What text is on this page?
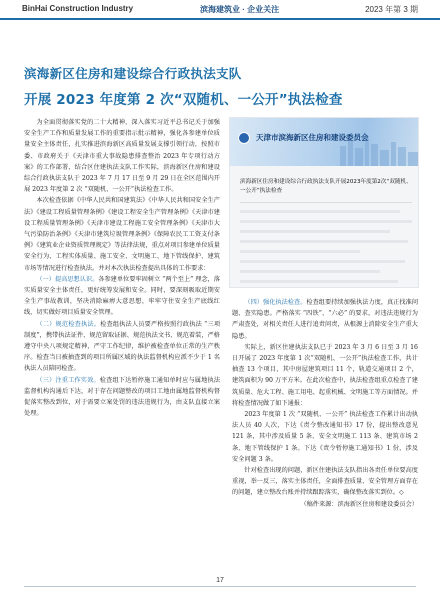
BinHai Construction Industry	滨海建筑业 · 企业关注	2023 年第 3 期
滨海新区住房和建设综合行政执法支队
开展 2023 年度第 2 次“双随机、一公开”执法检查

为全面贯彻落实党的二十大精神，深入落实习近平总书记关于加强安全生产工作和质量发展工作的重要指示批示精神，强化各参建单位质量安全主体责任，扎实推进滨海新区高质量发展支撑引领行动，按照市委、市政府关于《天津市重大事故隐患排查整治 2023 年专项行动方案》的工作部署，结合区住建执法支队工作实际，滨海新区住房和建设综合行政执法支队于 2023 年 7 月 17 日至 9 月 29 日在全区范围内开展 2023 年度第 2 次 “双随机、一公开”执法检查工作。

本次检查依据《中华人民共和国建筑法》《中华人民共和国安全生产法》《建设工程质量管理条例》《建设工程安全生产管理条例》《天津市建设工程质量管理条例》《天津市建设工程施工安全管理条例》《天津市大气污染防治条例》《天津市建筑垃圾管理条例》《保障农民工工资支付条例》《建筑业企业资质管理规定》等法律法规，重点对项目参建单位质量安全行为、工程实体质量、施工安全、文明施工、地下管线保护、建筑市场等情况进行检查执法。并对本次执法检查提出具体的工作要求：

（一）提高思想认识。各参建单位要牢固树立 “两个至上” 理念，落实质量安全主体责任，更好统筹发展和安全。同时，要深刻吸取近期安全生产事故教训，坚决消除麻痹大意思想，牢牢守住安全生产底线红线，切实做好项目质量安全管理。

（二）规范检查执法。检查组执法人员要严格按照行政执法 “三项制度”，携带执法证件、规范留取证据、规范执法文书、规范着装，严格遵守中央八项规定精神，严守工作纪律，维护被检查单位正常的生产秩序。检查当日被抽查到的项目所属区域的执法监督机构应派不少于 1 名执法人员陪同检查。

（三）注重工作实效。检查组下达暂停施工通知单时应与属地执法监督机构沟通后下达，对于存在问题整改的项目工地由属地监督机构督促落实整改到位，对于需要立案处罚的违法违规行为，由支队直接立案处理。

天津市滨海新区住房和建设委员会
滨海新区住房和建设综合行政执法支队开展2023年度第2次“双随机、一公开”执法检查

（四）强化执法检查。检查组要持续加强执法力度，真正找准问题、查实隐患。严格落实 “四铁”、“六必” 的要求，对违法违规行为严肃查处，对相关责任人进行追责问责，从根源上消除安全生产重大隐患。

实际上，新区住建执法支队已于 2023 年 3 月 6 日至 3 月 16 日开展了 2023 年度第 1 次“双随机、一公开”执法检查工作，共计抽查 13 个项目，其中房屋建筑项目 11 个，轨道交通项目 2 个，建筑面积为 90 万平方米。在此次检查中，执法检查组重点检查了建筑质量、危大工程、施工用电、起重机械、文明施工等方面情况。并将检查情况做了如下通报：

2023 年度第 1 次 “双随机、一公开” 执法检查工作累计出动执法人员 40 人次，下达《责令整改通知书》17 份，提出整改意见 121 条，其中涉及质量 5 条、安全文明施工 113 条、建筑市场 2 条、地下管线保护 1 条。下达《责令暂停施工通知书》1 份，涉及安全问题 3 条。

针对检查出现的问题，新区住建执法支队指出各责任单位要高度重视，举一反三，落实主体责任，全面排查质量、安全管理方面存在的问题，建立整改台账并持续跟踪落实，确保整改落实到位。◇

（稿件来源：滨海新区住房和建设委员会）
17
